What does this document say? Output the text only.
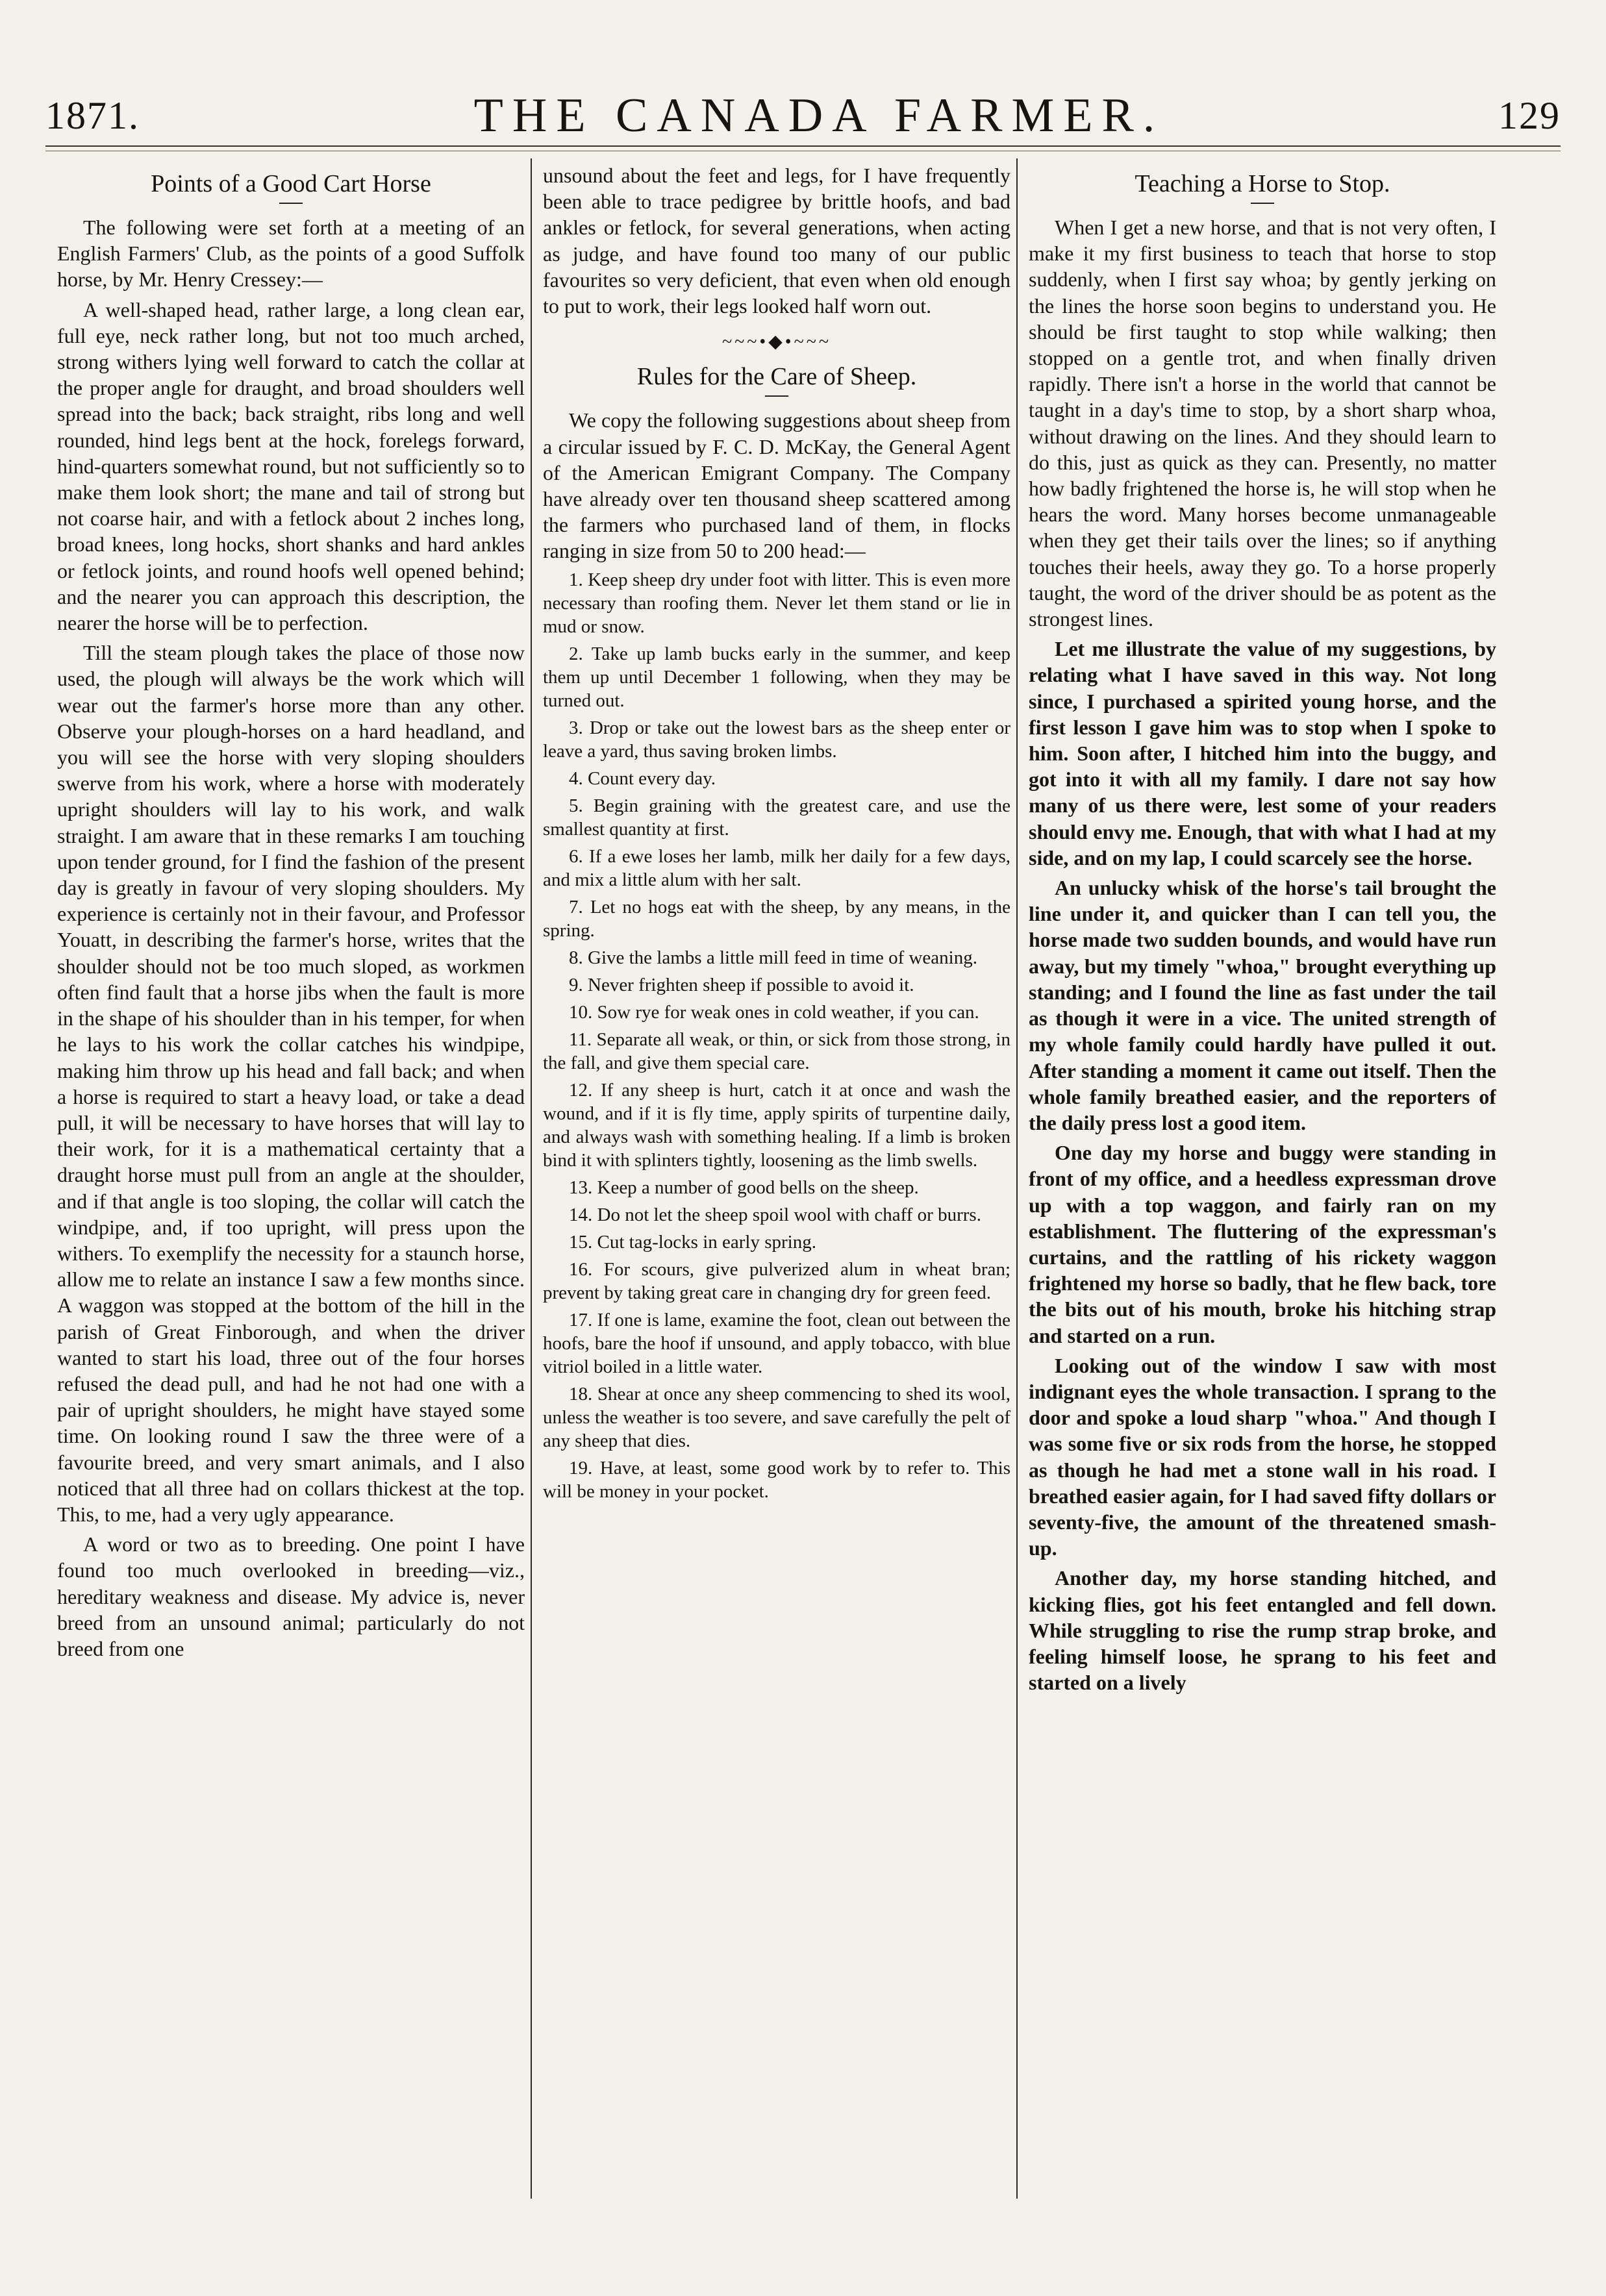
1871.	THE CANADA FARMER.	129
Points of a Good Cart Horse

The following were set forth at a meeting of an English Farmers' Club, as the points of a good Suffolk horse, by Mr. Henry Cressey:—

A well-shaped head, rather large, a long clean ear, full eye, neck rather long, but not too much arched, strong withers lying well forward to catch the collar at the proper angle for draught, and broad shoulders well spread into the back; back straight, ribs long and well rounded, hind legs bent at the hock, forelegs forward, hind-quarters somewhat round, but not sufficiently so to make them look short; the mane and tail of strong but not coarse hair, and with a fetlock about 2 inches long, broad knees, long hocks, short shanks and hard ankles or fetlock joints, and round hoofs well opened behind; and the nearer you can approach this description, the nearer the horse will be to perfection.

Till the steam plough takes the place of those now used, the plough will always be the work which will wear out the farmer's horse more than any other. Observe your plough-horses on a hard headland, and you will see the horse with very sloping shoulders swerve from his work, where a horse with moderately upright shoulders will lay to his work, and walk straight. I am aware that in these remarks I am touching upon tender ground, for I find the fashion of the present day is greatly in favour of very sloping shoulders. My experience is certainly not in their favour, and Professor Youatt, in describing the farmer's horse, writes that the shoulder should not be too much sloped, as workmen often find fault that a horse jibs when the fault is more in the shape of his shoulder than in his temper, for when he lays to his work the collar catches his windpipe, making him throw up his head and fall back; and when a horse is required to start a heavy load, or take a dead pull, it will be necessary to have horses that will lay to their work, for it is a mathematical certainty that a draught horse must pull from an angle at the shoulder, and if that angle is too sloping, the collar will catch the windpipe, and, if too upright, will press upon the withers. To exemplify the necessity for a staunch horse, allow me to relate an instance I saw a few months since. A waggon was stopped at the bottom of the hill in the parish of Great Finborough, and when the driver wanted to start his load, three out of the four horses refused the dead pull, and had he not had one with a pair of upright shoulders, he might have stayed some time. On looking round I saw the three were of a favourite breed, and very smart animals, and I also noticed that all three had on collars thickest at the top. This, to me, had a very ugly appearance.

A word or two as to breeding. One point I have found too much overlooked in breeding—viz., hereditary weakness and disease. My advice is, never breed from an unsound animal; particularly do not breed from one

unsound about the feet and legs, for I have frequently been able to trace pedigree by brittle hoofs, and bad ankles or fetlock, for several generations, when acting as judge, and have found too many of our public favourites so very deficient, that even when old enough to put to work, their legs looked half worn out.

~~~•◆•~~~
Rules for the Care of Sheep.

We copy the following suggestions about sheep from a circular issued by F. C. D. McKay, the General Agent of the American Emigrant Company. The Company have already over ten thousand sheep scattered among the farmers who purchased land of them, in flocks ranging in size from 50 to 200 head:—

1. Keep sheep dry under foot with litter. This is even more necessary than roofing them. Never let them stand or lie in mud or snow.

2. Take up lamb bucks early in the summer, and keep them up until December 1 following, when they may be turned out.

3. Drop or take out the lowest bars as the sheep enter or leave a yard, thus saving broken limbs.

4. Count every day.

5. Begin graining with the greatest care, and use the smallest quantity at first.

6. If a ewe loses her lamb, milk her daily for a few days, and mix a little alum with her salt.

7. Let no hogs eat with the sheep, by any means, in the spring.

8. Give the lambs a little mill feed in time of weaning.

9. Never frighten sheep if possible to avoid it.

10. Sow rye for weak ones in cold weather, if you can.

11. Separate all weak, or thin, or sick from those strong, in the fall, and give them special care.

12. If any sheep is hurt, catch it at once and wash the wound, and if it is fly time, apply spirits of turpentine daily, and always wash with something healing. If a limb is broken bind it with splinters tightly, loosening as the limb swells.

13. Keep a number of good bells on the sheep.

14. Do not let the sheep spoil wool with chaff or burrs.

15. Cut tag-locks in early spring.

16. For scours, give pulverized alum in wheat bran; prevent by taking great care in changing dry for green feed.

17. If one is lame, examine the foot, clean out between the hoofs, bare the hoof if unsound, and apply tobacco, with blue vitriol boiled in a little water.

18. Shear at once any sheep commencing to shed its wool, unless the weather is too severe, and save carefully the pelt of any sheep that dies.

19. Have, at least, some good work by to refer to. This will be money in your pocket.

Teaching a Horse to Stop.

When I get a new horse, and that is not very often, I make it my first business to teach that horse to stop suddenly, when I first say whoa; by gently jerking on the lines the horse soon begins to understand you. He should be first taught to stop while walking; then stopped on a gentle trot, and when finally driven rapidly. There isn't a horse in the world that cannot be taught in a day's time to stop, by a short sharp whoa, without drawing on the lines. And they should learn to do this, just as quick as they can. Presently, no matter how badly frightened the horse is, he will stop when he hears the word. Many horses become unmanageable when they get their tails over the lines; so if anything touches their heels, away they go. To a horse properly taught, the word of the driver should be as potent as the strongest lines.

Let me illustrate the value of my suggestions, by relating what I have saved in this way. Not long since, I purchased a spirited young horse, and the first lesson I gave him was to stop when I spoke to him. Soon after, I hitched him into the buggy, and got into it with all my family. I dare not say how many of us there were, lest some of your readers should envy me. Enough, that with what I had at my side, and on my lap, I could scarcely see the horse.

An unlucky whisk of the horse's tail brought the line under it, and quicker than I can tell you, the horse made two sudden bounds, and would have run away, but my timely "whoa," brought everything up standing; and I found the line as fast under the tail as though it were in a vice. The united strength of my whole family could hardly have pulled it out. After standing a moment it came out itself. Then the whole family breathed easier, and the reporters of the daily press lost a good item.

One day my horse and buggy were standing in front of my office, and a heedless expressman drove up with a top waggon, and fairly ran on my establishment. The fluttering of the expressman's curtains, and the rattling of his rickety waggon frightened my horse so badly, that he flew back, tore the bits out of his mouth, broke his hitching strap and started on a run.

Looking out of the window I saw with most indignant eyes the whole transaction. I sprang to the door and spoke a loud sharp "whoa." And though I was some five or six rods from the horse, he stopped as though he had met a stone wall in his road. I breathed easier again, for I had saved fifty dollars or seventy-five, the amount of the threatened smash-up.

Another day, my horse standing hitched, and kicking flies, got his feet entangled and fell down. While struggling to rise the rump strap broke, and feeling himself loose, he sprang to his feet and started on a lively
